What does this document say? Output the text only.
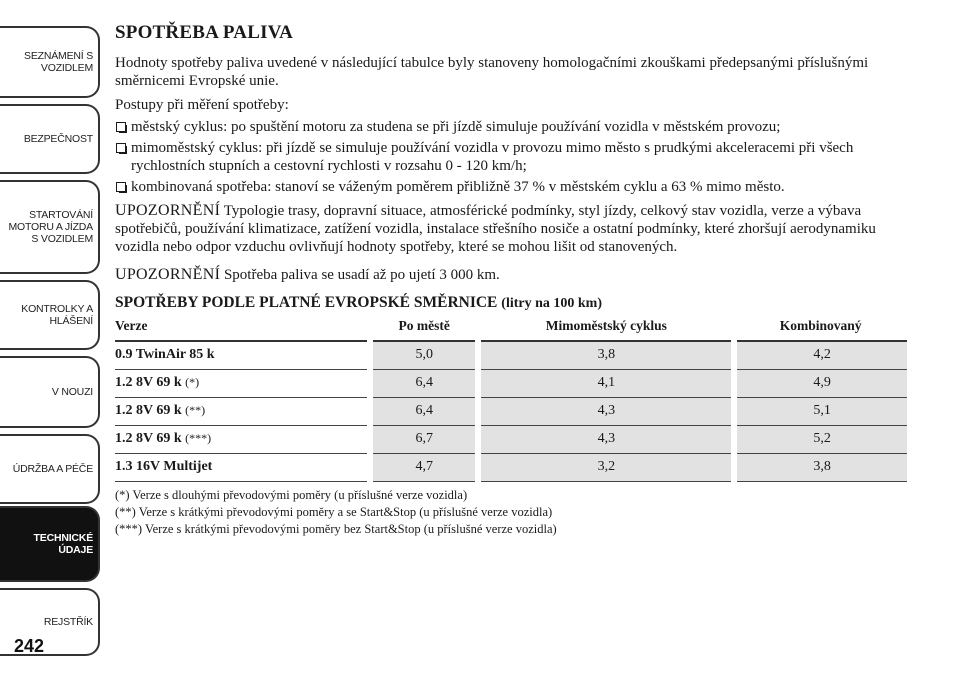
SEZNÁMENÍ S
VOZIDLEM
BEZPEČNOST
STARTOVÁNÍ
MOTORU A JÍZDA
S VOZIDLEM
KONTROLKY A
HLÁŠENÍ
V NOUZI
ÚDRŽBA A PÉČE
TECHNICKÉ
ÚDAJE
REJSTŘÍK
242
SPOTŘEBA PALIVA
Hodnoty spotřeby paliva uvedené v následující tabulce byly stanoveny homologačními zkouškami předepsanými příslušnými směrnicemi Evropské unie.
Postupy při měření spotřeby:
městský cyklus: po spuštění motoru za studena se při jízdě simuluje používání vozidla v městském provozu;
mimoměstský cyklus: při jízdě se simuluje používání vozidla v provozu mimo město s prudkými akceleracemi při všech rychlostních stupních a cestovní rychlosti v rozsahu 0 - 120 km/h;
kombinovaná spotřeba: stanoví se váženým poměrem přibližně 37 % v městském cyklu a 63 % mimo město.
UPOZORNĚNÍ Typologie trasy, dopravní situace, atmosférické podmínky, styl jízdy, celkový stav vozidla, verze a výbava spotřebičů, používání klimatizace, zatížení vozidla, instalace střešního nosiče a ostatní podmínky, které zhoršují aerodynamiku vozidla nebo odpor vzduchu ovlivňují hodnoty spotřeby, které se mohou lišit od stanovených.
UPOZORNĚNÍ Spotřeba paliva se usadí až po ujetí 3 000 km.
SPOTŘEBY PODLE PLATNÉ EVROPSKÉ SMĚRNICE (litry na 100 km)
Verze	Po městě	Mimoměstský cyklus	Kombinovaný
0.9 TwinAir 85 k	5,0	3,8	4,2
1.2 8V 69 k (*)	6,4	4,1	4,9
1.2 8V 69 k (**)	6,4	4,3	5,1
1.2 8V 69 k (***)	6,7	4,3	5,2
1.3 16V Multijet	4,7	3,2	3,8
(*) Verze s dlouhými převodovými poměry (u příslušné verze vozidla)
(**) Verze s krátkými převodovými poměry a se Start&Stop (u příslušné verze vozidla)
(***) Verze s krátkými převodovými poměry bez Start&Stop (u příslušné verze vozidla)
